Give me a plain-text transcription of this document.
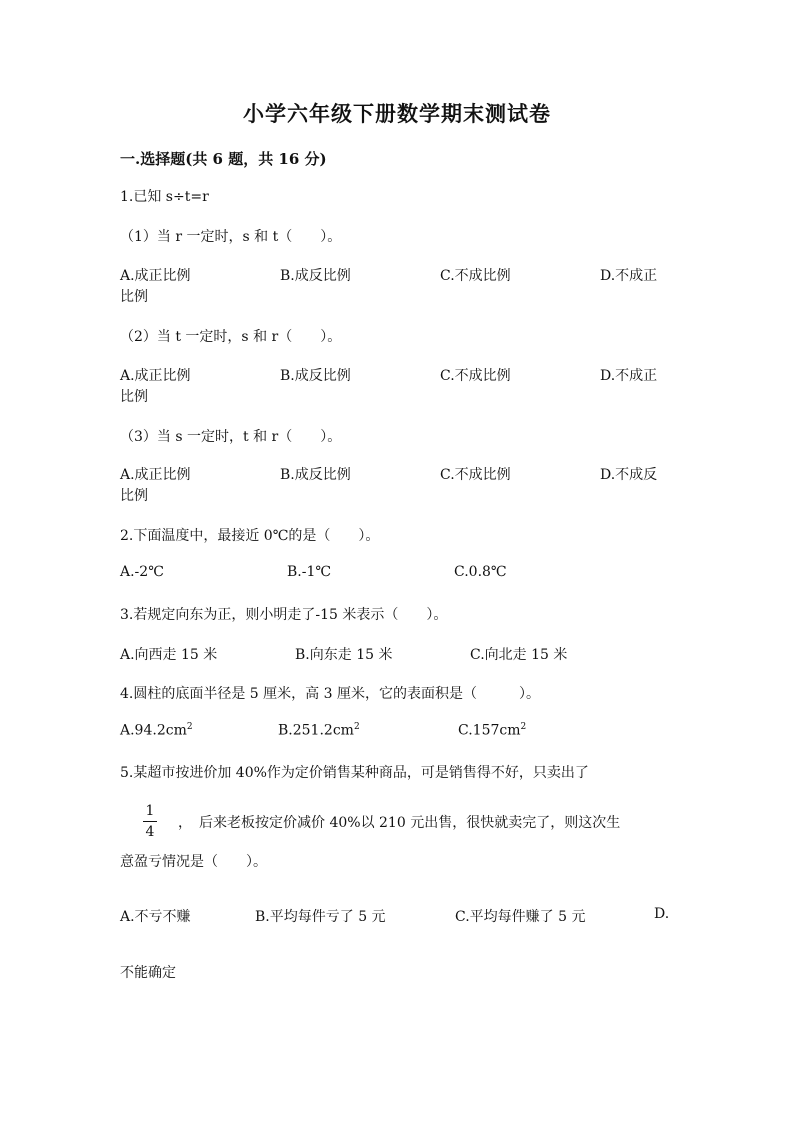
小学六年级下册数学期末测试卷
一.选择题(共 6 题，共 16 分)
1.已知 s÷t=r
（1）当 r 一定时，s 和 t（　　）。
A.成正比例	B.成反比例	C.不成比例	D.不成正
比例
（2）当 t 一定时，s 和 r（　　）。
A.成正比例	B.成反比例	C.不成比例	D.不成正
比例
（3）当 s 一定时，t 和 r（　　）。
A.成正比例	B.成反比例	C.不成比例	D.不成反
比例
2.下面温度中，最接近 0℃的是（　　）。
A.-2℃	B.-1℃	C.0.8℃
3.若规定向东为正，则小明走了-15 米表示（　　）。
A.向西走 15 米	B.向东走 15 米	C.向北走 15 米
4.圆柱的底面半径是 5 厘米，高 3 厘米，它的表面积是（　　　）。
$A.94.2cm^2$	$B.251.2cm^2$	$C.157cm^2$
5.某超市按进价加 40%作为定价销售某种商品，可是销售得不好，只卖出了
1
4
，　后来老板按定价减价 40%以 210 元出售，很快就卖完了，则这次生
意盈亏情况是（　　）。
A.不亏不赚	B.平均每件亏了 5 元	C.平均每件赚了 5 元	D.
不能确定
